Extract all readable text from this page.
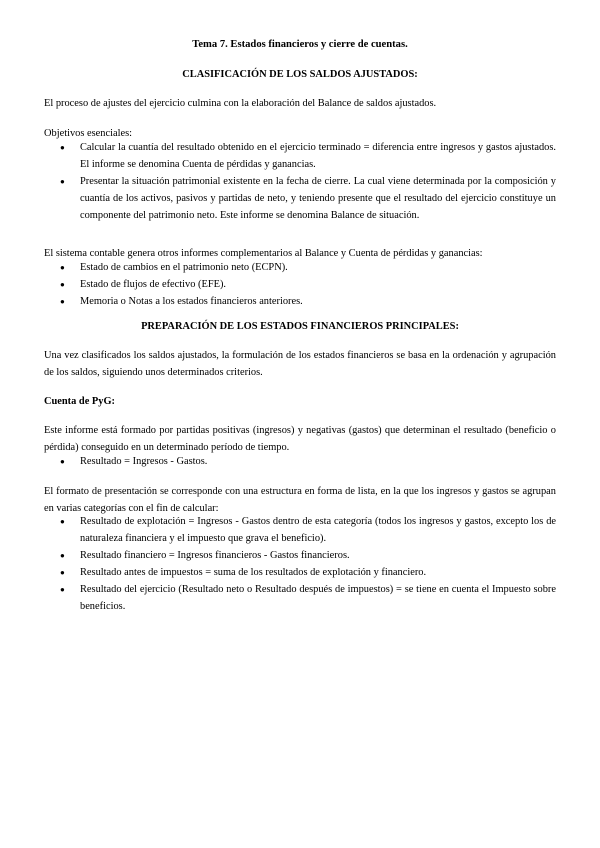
Tema 7. Estados financieros y cierre de cuentas.
CLASIFICACIÓN DE LOS SALDOS AJUSTADOS:
El proceso de ajustes del ejercicio culmina con la elaboración del Balance de saldos ajustados.
Objetivos esenciales:
● Calcular la cuantía del resultado obtenido en el ejercicio terminado = diferencia entre ingresos y gastos ajustados. El informe se denomina Cuenta de pérdidas y ganancias.
● Presentar la situación patrimonial existente en la fecha de cierre. La cual viene determinada por la composición y cuantía de los activos, pasivos y partidas de neto, y teniendo presente que el resultado del ejercicio constituye un componente del patrimonio neto. Este informe se denomina Balance de situación.
El sistema contable genera otros informes complementarios al Balance y Cuenta de pérdidas y ganancias:
● Estado de cambios en el patrimonio neto (ECPN).
● Estado de flujos de efectivo (EFE).
● Memoria o Notas a los estados financieros anteriores.
PREPARACIÓN DE LOS ESTADOS FINANCIEROS PRINCIPALES:
Una vez clasificados los saldos ajustados, la formulación de los estados financieros se basa en la ordenación y agrupación de los saldos, siguiendo unos determinados criterios.
Cuenta de PyG:
Este informe está formado por partidas positivas (ingresos) y negativas (gastos) que determinan el resultado (beneficio o pérdida) conseguido en un determinado período de tiempo.
● Resultado = Ingresos - Gastos.
El formato de presentación se corresponde con una estructura en forma de lista, en la que los ingresos y gastos se agrupan en varias categorías con el fin de calcular:
● Resultado de explotación = Ingresos - Gastos dentro de esta categoría (todos los ingresos y gastos, excepto los de naturaleza financiera y el impuesto que grava el beneficio).
● Resultado financiero = Ingresos financieros - Gastos financieros.
● Resultado antes de impuestos = suma de los resultados de explotación y financiero.
● Resultado del ejercicio (Resultado neto o Resultado después de impuestos) = se tiene en cuenta el Impuesto sobre beneficios.
